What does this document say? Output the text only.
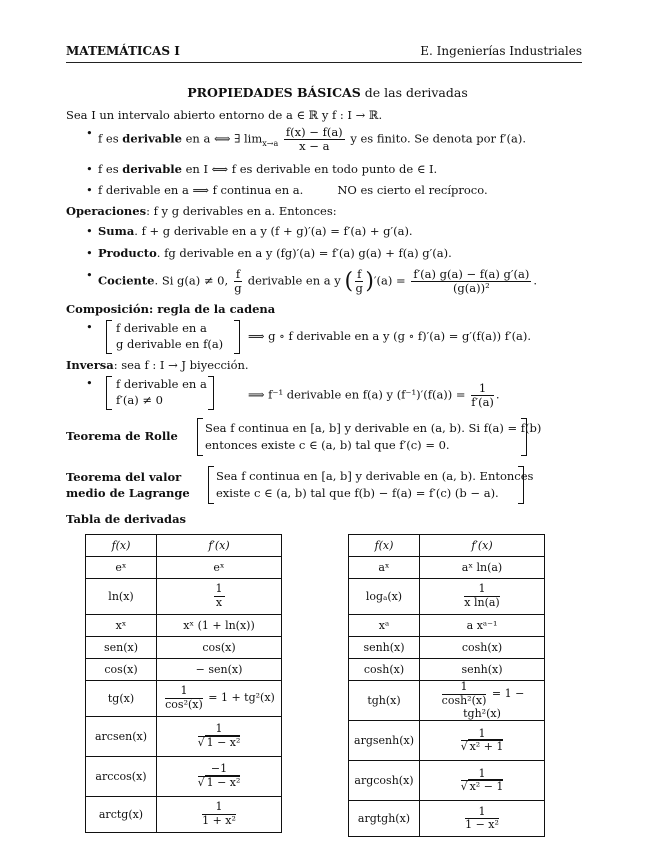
MATEMÁTICAS I	E. Ingenierías Industriales
PROPIEDADES BÁSICAS de las derivadas
Sea I un intervalo abierto entorno de a ∈ ℝ y f : I → ℝ.
• f es derivable en a ⟺ ∃ $\lim_{x\to a} \frac{f(x) - f(a)}{x - a}$ y es finito. Se denota por f′(a).
• f es derivable en I ⟺ f es derivable en todo punto de ∈ I.
• f derivable en a ⟹ f continua en a.	NO es cierto el recíproco.
Operaciones: f y g derivables en a. Entonces:
• Suma. f + g derivable en a y (f + g)′(a) = f′(a) + g′(a).
• Producto. fg derivable en a y (fg)′(a) = f′(a) g(a) + f(a) g′(a).
• Cociente. Si g(a) ≠ 0, $\frac{f}{g}$ derivable en a y ( $\frac{f}{g} )'(a) = \frac{f'(a) g(a) - f(a) g'(a)}{\text{(g(a))²}}$ .
Composición: regla de la cadena
f derivable en a
g derivable en f(a)
⟹ g ∘ f derivable en a y (g ∘ f)′(a) = g′(f(a)) f′(a).
Inversa: sea f : I → J biyección.
f derivable en a
f′(a) ≠ 0	⟹ f⁻¹ derivable en f(a) y $(f^{-1})'(f(a)) = \frac{1}{f'(a)}$ .
Teorema de Rolle
Sea f continua en [a, b] y derivable en (a, b). Si f(a) = f(b)
entonces existe c ∈ (a, b) tal que f′(c) = 0.
Teorema del valor
medio de Lagrange
Sea f continua en [a, b] y derivable en (a, b). Entonces
existe c ∈ (a, b) tal que f(b) − f(a) = f′(c) (b − a).
Tabla de derivadas
f(x)	f′(x)
eˣ	eˣ
ln(x)	$\frac{1}{x}$

xˣ	xˣ (1 + ln(x))
sen(x)	cos(x)
cos(x)	− sen(x)
tg(x)	$\frac{1}{\text{cos²(x)}} = 1 + tg^2(x)$
arcsen(x)	$\frac{1}{\text{√ 1 − x²}}$

arccos(x)	$\frac{-1}{\text{√ 1 − x²}}$

arctg(x)	$\frac{1}{\text{1 + x²}}$
f(x)	f′(x)
aˣ	aˣ ln(a)
logₐ(x)	$\frac{1}{\text{x ln(a)}}$

xᵃ	a xᵃ⁻¹
senh(x)	cosh(x)
cosh(x)	senh(x)
tgh(x)	$\frac{1}{\text{cosh²(x)}} = 1 - tgh^2(x)$
argsenh(x)	$\frac{1}{\text{√ x² + 1}}$

argcosh(x)	$\frac{1}{\text{√ x² − 1}}$

argtgh(x)	$\frac{1}{\text{1 − x²}}$
